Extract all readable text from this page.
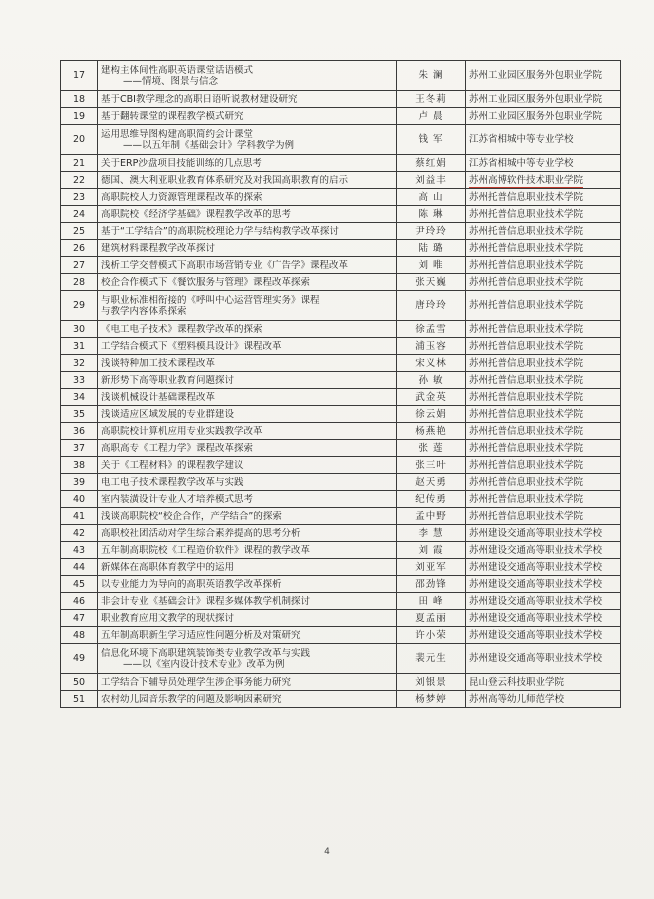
17	建构主体间性高职英语课堂话语模式
——情境、图景与信念	朱 澜	苏州工业园区服务外包职业学院
18	基于CBI教学理念的高职日语听说教材建设研究	王冬莉	苏州工业园区服务外包职业学院
19	基于翻转课堂的课程教学模式研究	卢 晨	苏州工业园区服务外包职业学院
20	运用思维导图构建高职简约会计课堂
——以五年制《基础会计》学科教学为例	钱 军	江苏省相城中等专业学校
21	关于ERP沙盘项目技能训练的几点思考	蔡红娟	江苏省相城中等专业学校
22	德国、澳大利亚职业教育体系研究及对我国高职教育的启示	刘益丰	苏州高博软件技术职业学院
23	高职院校人力资源管理课程改革的探索	高 山	苏州托普信息职业技术学院
24	高职院校《经济学基础》课程教学改革的思考	陈 琳	苏州托普信息职业技术学院
25	基于“工学结合”的高职院校理论力学与结构教学改革探讨	尹玲玲	苏州托普信息职业技术学院
26	建筑材料课程教学改革探讨	陆 璐	苏州托普信息职业技术学院
27	浅析工学交替模式下高职市场营销专业《广告学》课程改革	刘 唯	苏州托普信息职业技术学院
28	校企合作模式下《餐饮服务与管理》课程改革探索	张天巍	苏州托普信息职业技术学院
29	与职业标准相衔接的《呼叫中心运营管理实务》课程
与教学内容体系探索	唐玲玲	苏州托普信息职业技术学院
30	《电工电子技术》课程教学改革的探索	徐孟雪	苏州托普信息职业技术学院
31	工学结合模式下《塑料模具设计》课程改革	浦玉容	苏州托普信息职业技术学院
32	浅谈特种加工技术课程改革	宋义林	苏州托普信息职业技术学院
33	新形势下高等职业教育问题探讨	孙 敏	苏州托普信息职业技术学院
34	浅谈机械设计基础课程改革	武金英	苏州托普信息职业技术学院
35	浅谈适应区域发展的专业群建设	徐云娟	苏州托普信息职业技术学院
36	高职院校计算机应用专业实践教学改革	杨燕艳	苏州托普信息职业技术学院
37	高职高专《工程力学》课程改革探索	张 莲	苏州托普信息职业技术学院
38	关于《工程材料》的课程教学建议	张三叶	苏州托普信息职业技术学院
39	电工电子技术课程教学改革与实践	赵天勇	苏州托普信息职业技术学院
40	室内装潢设计专业人才培养模式思考	纪传勇	苏州托普信息职业技术学院
41	浅谈高职院校“校企合作，产学结合”的探索	孟中野	苏州托普信息职业技术学院
42	高职校社团活动对学生综合素养提高的思考分析	李 慧	苏州建设交通高等职业技术学校
43	五年制高职院校《工程造价软件》课程的教学改革	刘 霞	苏州建设交通高等职业技术学校
44	新媒体在高职体育教学中的运用	刘亚军	苏州建设交通高等职业技术学校
45	以专业能力为导向的高职英语教学改革探析	邵劲锋	苏州建设交通高等职业技术学校
46	非会计专业《基础会计》课程多媒体教学机制探讨	田 峰	苏州建设交通高等职业技术学校
47	职业教育应用文教学的现状探讨	夏孟丽	苏州建设交通高等职业技术学校
48	五年制高职新生学习适应性问题分析及对策研究	许小荣	苏州建设交通高等职业技术学校
49	信息化环境下高职建筑装饰类专业教学改革与实践
——以《室内设计技术专业》改革为例	裴元生	苏州建设交通高等职业技术学校
50	工学结合下辅导员处理学生涉企事务能力研究	刘银景	昆山登云科技职业学院
51	农村幼儿园音乐教学的问题及影响因素研究	杨梦婷	苏州高等幼儿师范学校
4
